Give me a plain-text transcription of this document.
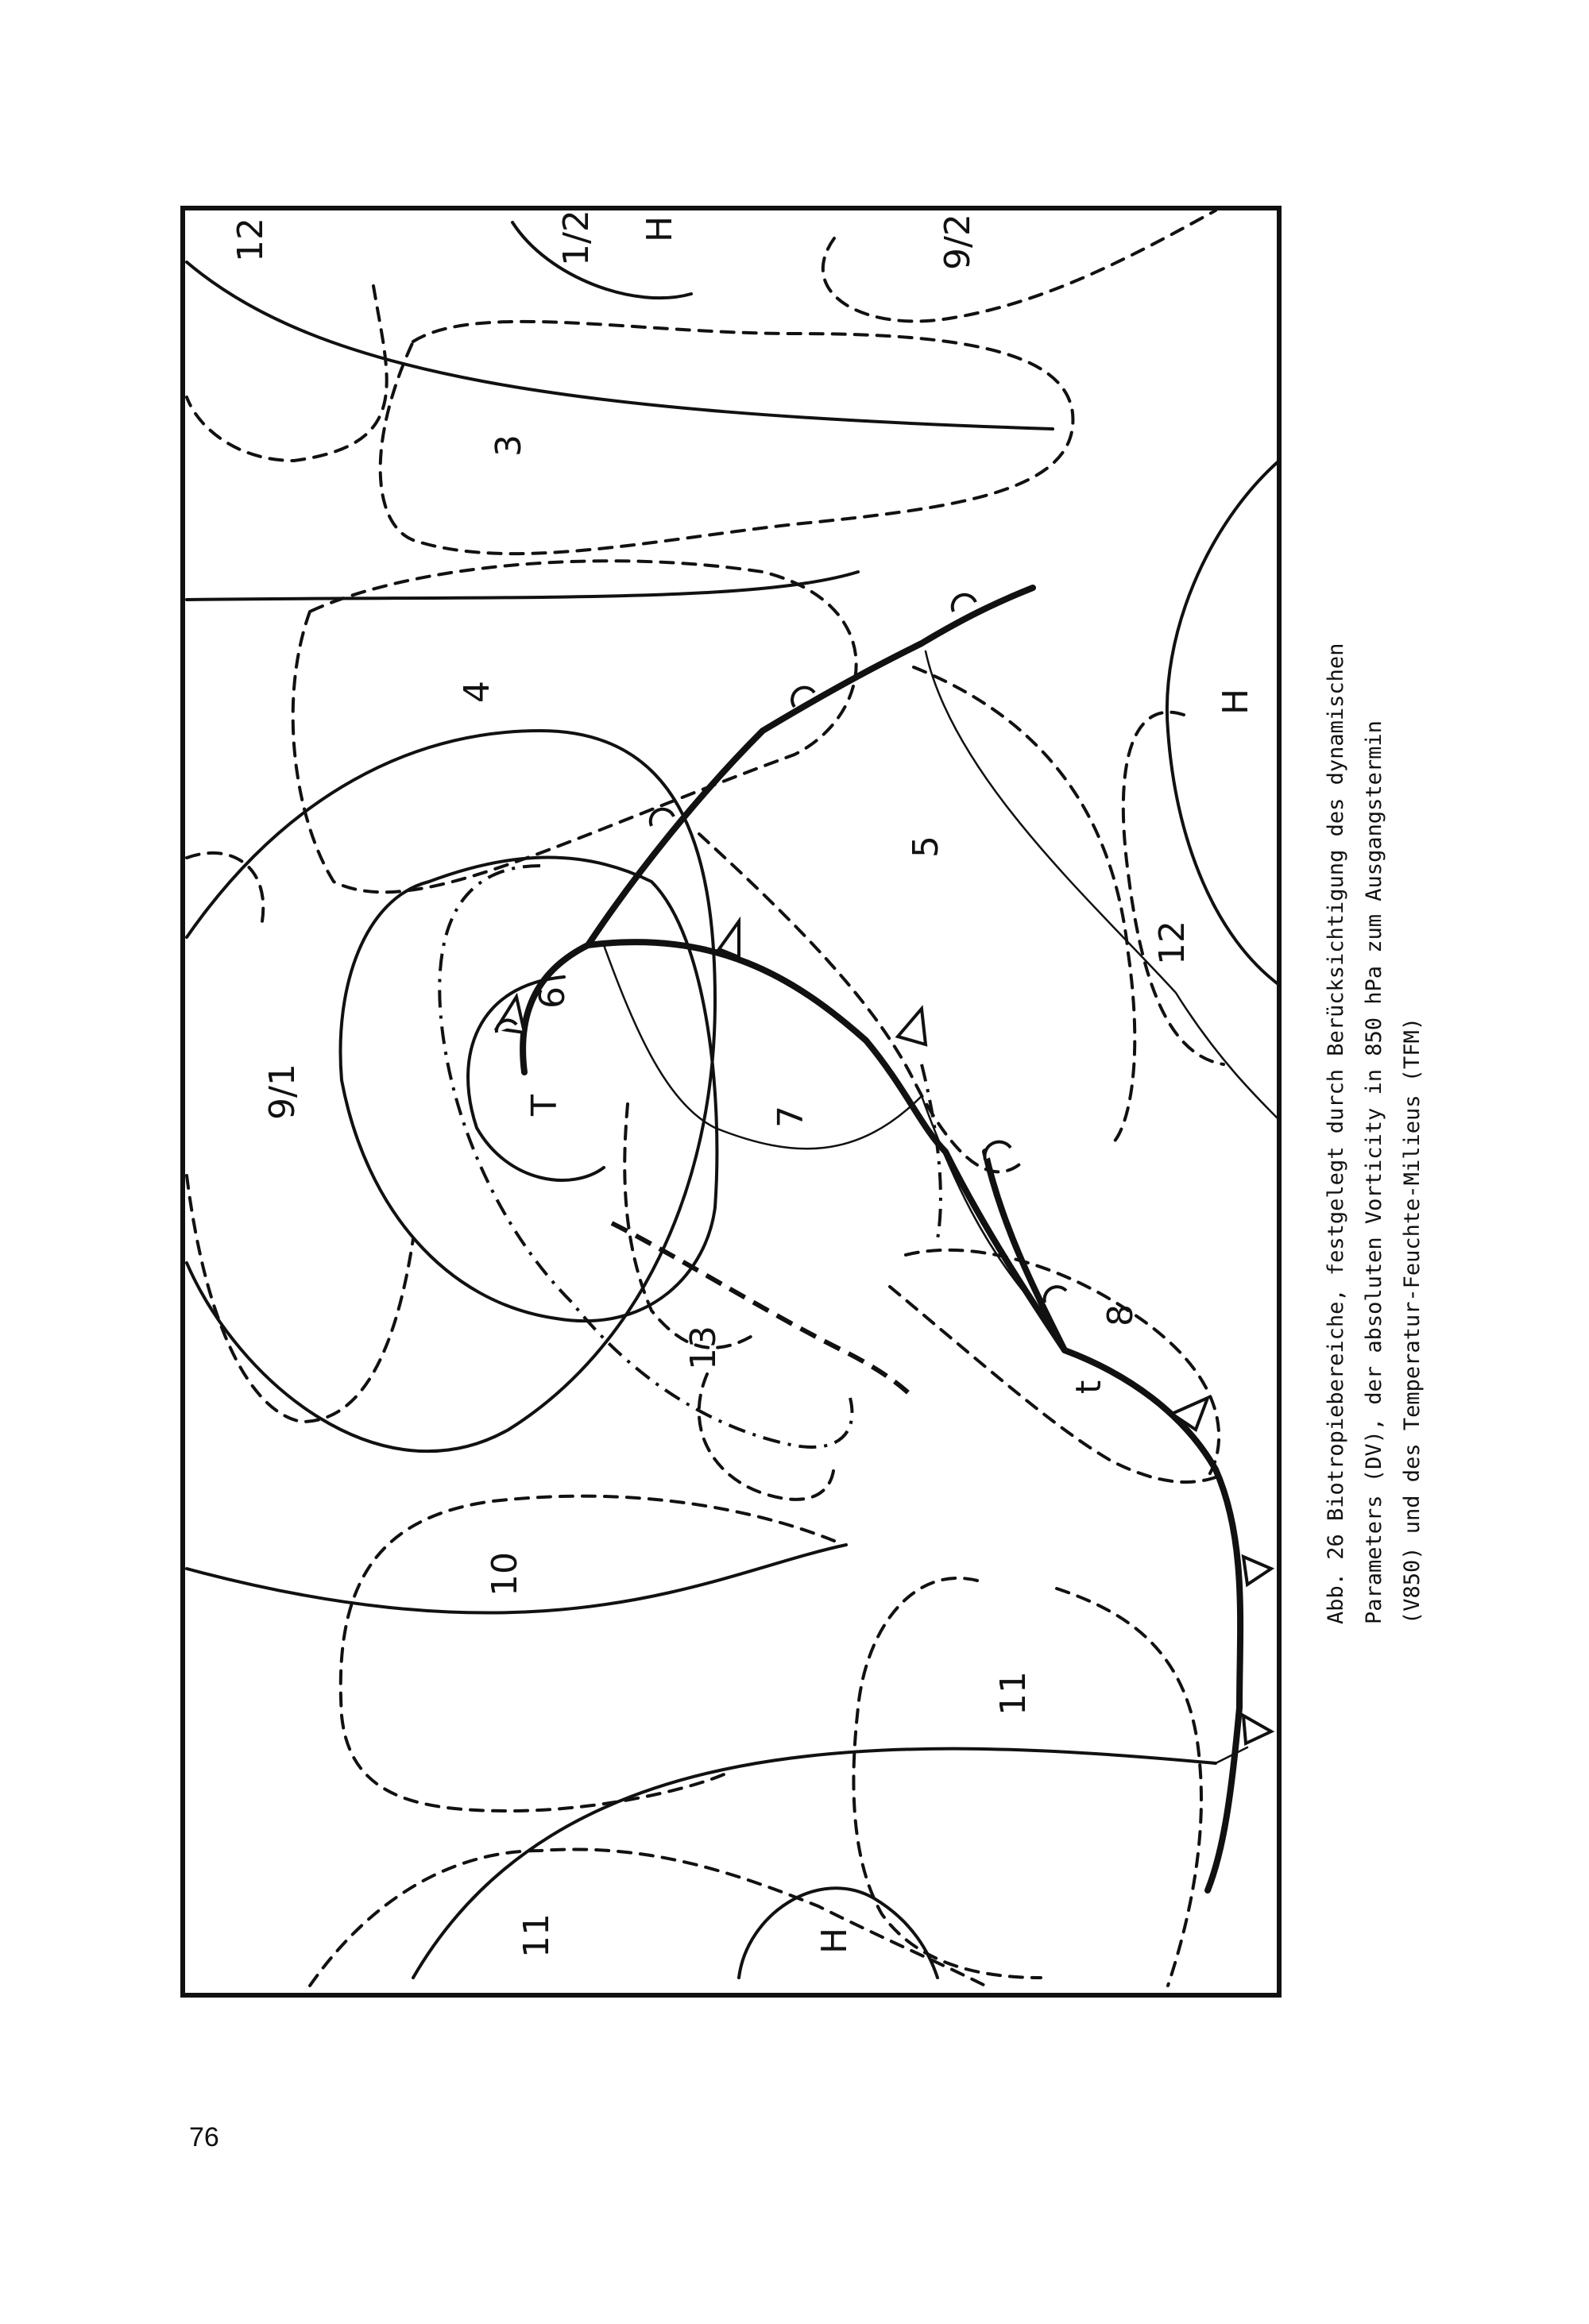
12	1/2 H	9/2
3
4	H
5
12
9/1
6
T
7
13
8
t
10
11
11	H
Abb. 26 Biotropiebereiche, festgelegt durch Berücksichtigung des dynamischen Parameters (DV), der absoluten Vorticity in 850 hPa zum Ausgangstermin (V850) und des Temperatur-Feuchte-Milieus (TFM)
76
